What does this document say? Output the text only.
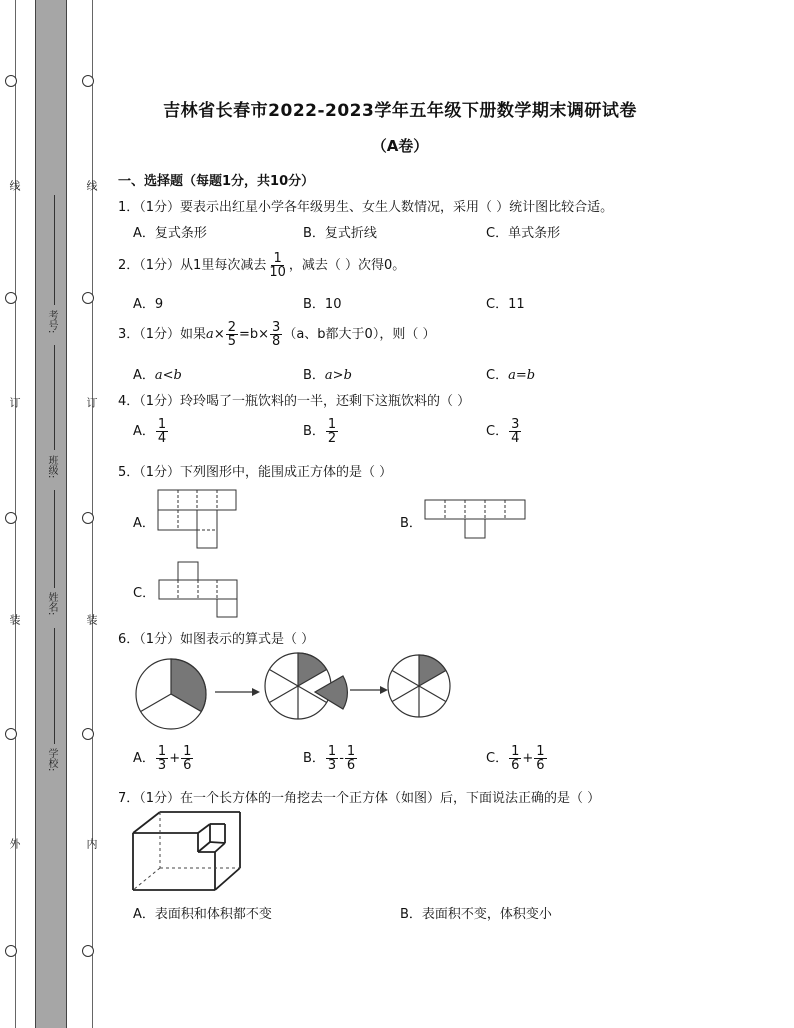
线
订
装
外
线
订
装
内
考号:
班级:
姓名:
学校:
吉林省长春市2022-2023学年五年级下册数学期末调研试卷
（A卷）
一、选择题（每题1分，共10分）
1．（1分）要表示出红星小学各年级男生、女生人数情况，采用（ ）统计图比较合适。
A．复式条形	B．复式折线	C．单式条形
2．（1分）从1里每次减去 $\frac{1}{10}$ ，减去（ ）次得0。
A．9	B．10	C．11
3．（1分）如果$a\times \frac{2}{5} =b\times \frac{3}{8} (a$、b都大于0），则（ ）
A．a<b	B．a>b	C．a=b
4．（1分）玲玲喝了一瓶饮料的一半，还剩下这瓶饮料的（ ）
A． $\frac{1}{4}$	B． $\frac{1}{2}$	C． $\frac{3}{4}$
5．（1分）下列图形中，能围成正方体的是（ ）
A．	B．
C．
6．（1分）如图表示的算式是（ ）
A． $\frac{1}{3} + \frac{1}{6}$	B． $\frac{1}{3} - \frac{1}{6}$	C． $\frac{1}{6} + \frac{1}{6}$
7．（1分）在一个长方体的一角挖去一个正方体（如图）后，下面说法正确的是（ ）
A．表面积和体积都不变	B．表面积不变，体积变小
